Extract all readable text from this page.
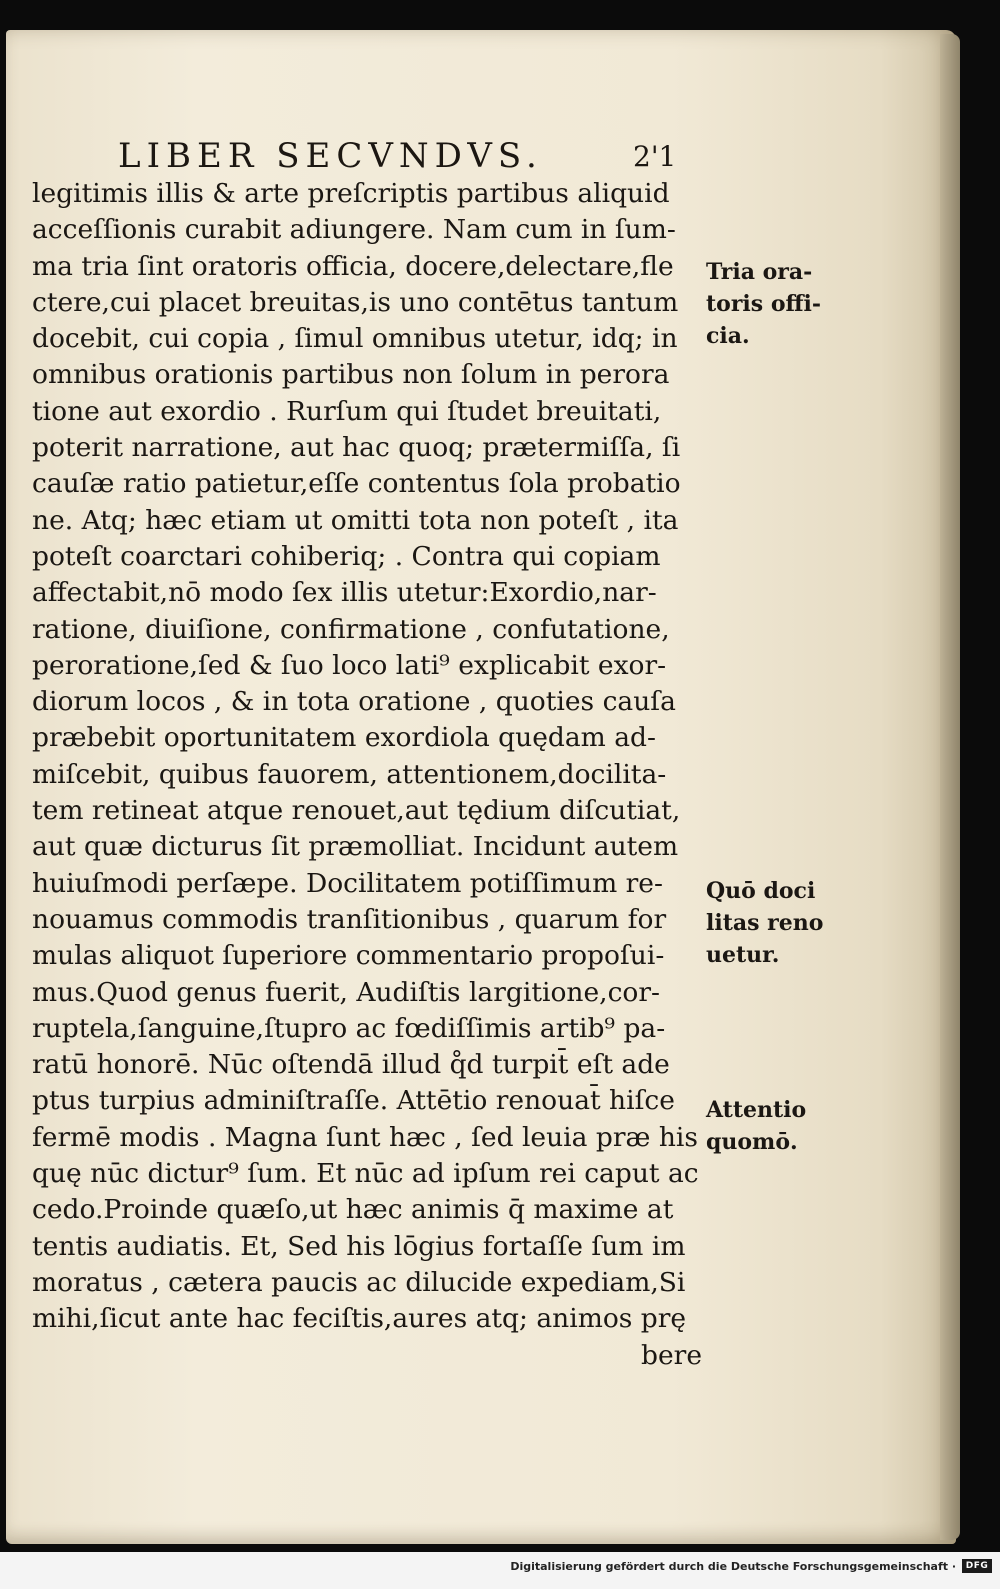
LIBER SECVNDVS.	2'1
legitimis illis & arte preſcriptis partibus aliquid
acceſſionis curabit adiungere. Nam cum in ſum-
ma tria ſint oratoris officia, docere,delectare,fle
ctere,cui placet breuitas,is uno contētus tantum
docebit, cui copia , ſimul omnibus utetur, idq; in
omnibus orationis partibus non ſolum in perora
tione aut exordio . Rurſum qui ſtudet breuitati,
poterit narratione, aut hac quoq; prætermiſſa, ſi
cauſæ ratio patietur,eſſe contentus ſola probatio
ne. Atq; hæc etiam ut omitti tota non poteſt , ita
poteſt coarctari cohiberiq; . Contra qui copiam
affectabit,nō modo ſex illis utetur:Exordio,nar-
ratione, diuiſione, confirmatione , confutatione,
peroratione,ſed & ſuo loco lati⁹ explicabit exor-
diorum locos , & in tota oratione , quoties cauſa
præbebit oportunitatem exordiola quędam ad-
miſcebit, quibus fauorem, attentionem,docilita-
tem retineat atque renouet,aut tędium diſcutiat,
aut quæ dicturus ſit præmolliat. Incidunt autem
huiuſmodi perſæpe. Docilitatem potiſſimum re-
nouamus commodis tranſitionibus , quarum for
mulas aliquot ſuperiore commentario propoſui-
mus.Quod genus fuerit, Audiſtis largitione,cor-
ruptela,ſanguine,ſtupro ac fœdiſſimis artib⁹ pa-
ratū honorē. Nūc oſtendā illud q̊d turpit̄ eſt ade
ptus turpius adminiſtraſſe. Attētio renouat̄ hiſce
fermē modis . Magna ſunt hæc , ſed leuia præ his
quę nūc dictur⁹ ſum. Et nūc ad ipſum rei caput ac
cedo.Proinde quæſo,ut hæc animis q̄ maxime at
tentis audiatis. Et, Sed his lōgius fortaſſe ſum im
moratus , cætera paucis ac dilucide expediam,Si
mihi,ſicut ante hac feciſtis,aures atq; animos prę
bere
Tria ora-
toris offi-
cia.
Quō doci
litas reno
uetur.
Attentio
quomō.
Digitalisierung gefördert durch die Deutsche Forschungsgemeinschaft ·	DFG
